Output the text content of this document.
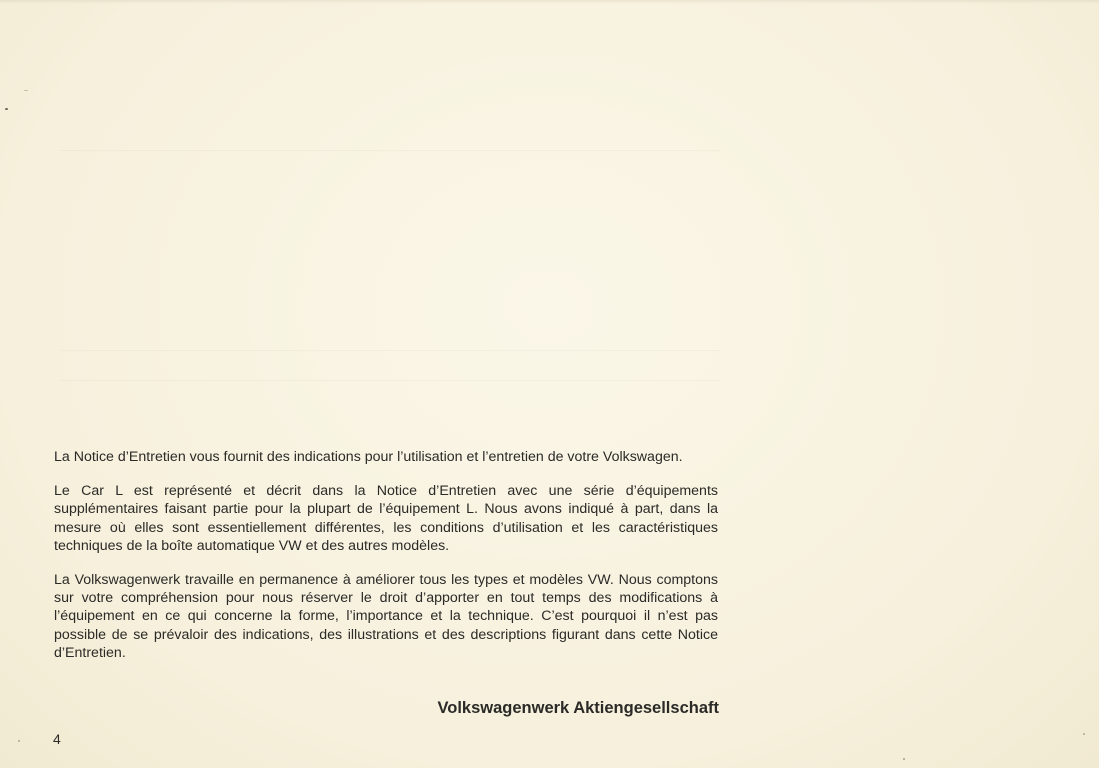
La Notice d’Entretien vous fournit des indications pour l’utilisation et l’entretien de votre Volkswagen.

Le Car L est représenté et décrit dans la Notice d’Entretien avec une série d’équipements supplémentaires faisant partie pour la plupart de l’équipement L. Nous avons indiqué à part, dans la mesure où elles sont essentiellement différentes, les conditions d’utilisation et les caractéristiques techniques de la boîte automatique VW et des autres modèles.

La Volkswagenwerk travaille en permanence à améliorer tous les types et modèles VW. Nous comptons sur votre compréhension pour nous réserver le droit d’apporter en tout temps des modifications à l’équipement en ce qui concerne la forme, l’importance et la technique. C’est pourquoi il n’est pas possible de se prévaloir des indications, des illustrations et des descriptions figurant dans cette Notice d’Entretien.

Volkswagenwerk Aktiengesellschaft
4
